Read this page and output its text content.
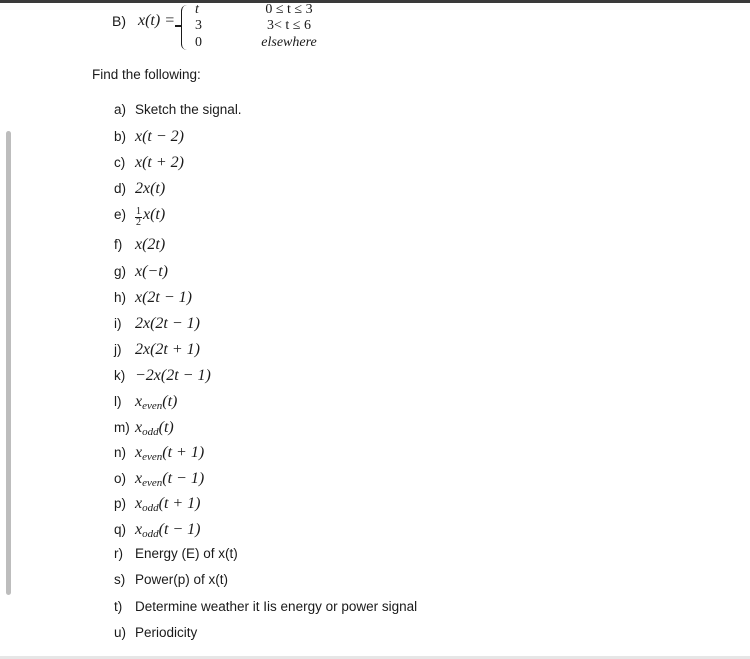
B) x(t) =
t
3
0
0 ≤ t ≤ 3
3< t ≤ 6
elsewhere
Find the following:
a) Sketch the signal.
b) x(t − 2)
c) x(t + 2)
d) 2x(t)
$e) \frac{1}{2} x(t)$
f) x(2t)
g) x(−t)
h) x(2t − 1)
i) 2x(2t − 1)
j) 2x(2t + 1)
k) −2x(2t − 1)
l) $x_{even}(t)$
m) $x_{odd}(t)$
n) $x_{even}(t + 1)$
o) $x_{even}(t - 1)$
p) $x_{odd}(t + 1)$
q) $x_{odd}(t - 1)$
r) Energy (E) of x(t)
s) Power(p) of x(t)
t) Determine weather it Iis energy or power signal
u) Periodicity
